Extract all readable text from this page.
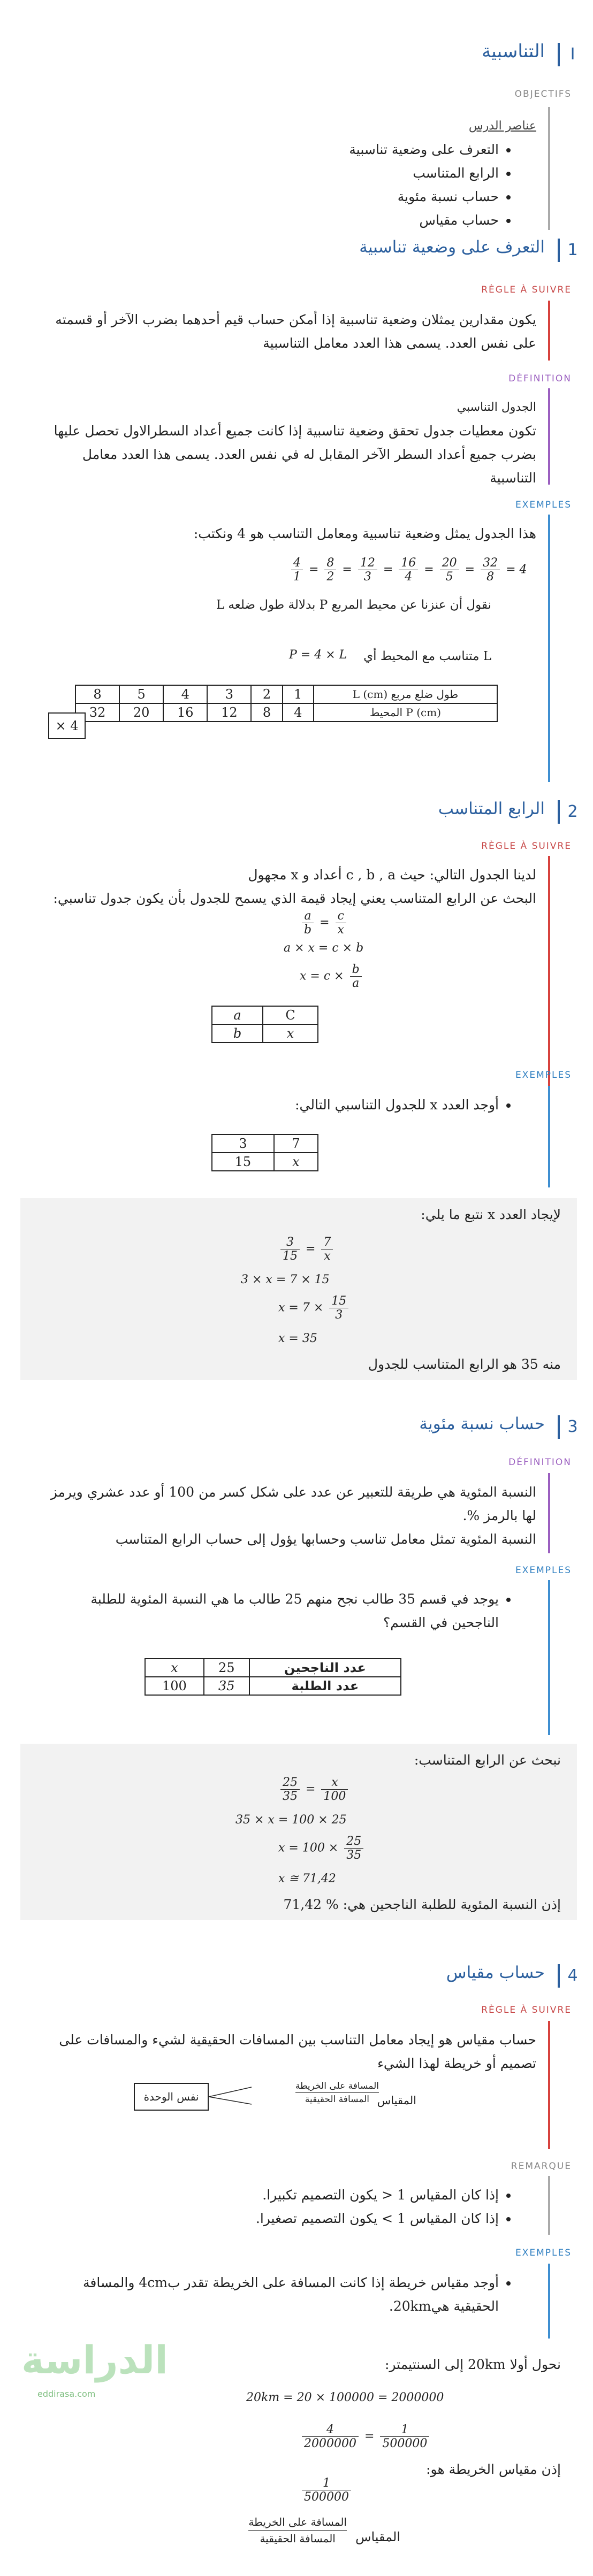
I
التناسبية
OBJECTIFS
عناصر الدرس
• التعرف على وضعية تناسبية
• الرابع المتناسب
• حساب نسبة مئوية
• حساب مقياس
1
التعرف على وضعية تناسبية
RÈGLE À SUIVRE
يكون مقدارين يمثلان وضعية تناسبية إذا أمكن حساب قيم أحدهما بضرب الآخر أو قسمته على نفس العدد. يسمى هذا العدد معامل التناسبية
DÉFINITION
الجدول التناسبي
تكون معطيات جدول تحقق وضعية تناسبية إذا كانت جميع أعداد السطرالاول تحصل عليها بضرب جميع أعداد السطر الآخر المقابل له في نفس العدد. يسمى هذا العدد معامل التناسبية
EXEMPLES
هذا الجدول يمثل وضعية تناسبية ومعامل التناسب هو 4 ونكتب:
$\frac{4}{1} = \frac{8}{2} = \frac{12}{3} = \frac{16}{4} = \frac{20}{5} = \frac{32}{8} = 4$
نقول أن عنزنا عن محيط المربع P بدلالة طول ضلعه L
L متناسب مع المحيط أي
P = 4 × L
8	5	4	3	2	1	طول ضلع مربع L (cm)
32	20	16	12	8	4	(cm) P المحيط
× 4
2
الرابع المتناسب
RÈGLE À SUIVRE
لدينا الجدول التالي: حيث c , b , a أعداد و x مجهول
البحث عن الرابع المتناسب يعني إيجاد قيمة الذي يسمح للجدول بأن يكون جدول تناسبي:
$\frac{a}{b} = \frac{c}{x}$
a × x = c × b
$x = c \times \frac{b}{a}$
a	C
b	x
EXEMPLES
• أوجد العدد x للجدول التناسبي التالي:
3	7
15	x
لإيجاد العدد x نتبع ما يلي:
$\frac{3}{15} = \frac{7}{x}$
3 × x = 7 × 15
$x = 7 \times \frac{15}{3}$
x = 35
منه 35 هو الرابع المتناسب للجدول
3
حساب نسبة مئوية
DÉFINITION
النسبة المئوية هي طريقة للتعبير عن عدد على شكل كسر من 100 أو عدد عشري ويرمز لها بالرمز %.
النسبة المئوية تمثل معامل تناسب وحسابها يؤول إلى حساب الرابع المتناسب
EXEMPLES
• يوجد في قسم 35 طالب نجح منهم 25 طالب ما هي النسبة المئوية للطلبة الناجحين في القسم؟
عدد الناجحين	25	x
عدد الطلبة	35	100
نبحث عن الرابع المتناسب:
$\frac{25}{35} = \frac{x}{100}$
35 × x = 100 × 25
$x = 100 \times \frac{25}{35}$
x ≅ 71,42
إذن النسبة المئوية للطلبة الناجحين هي: % 71,42
4
حساب مقياس
RÈGLE À SUIVRE
حساب مقياس هو إيجاد معامل التناسب بين المسافات الحقيقية لشيء والمسافات على تصميم أو خريطة لهذا الشيء
المقياس
المسافة على الخريطة
المسافة الحقيقية
نفس الوحدة
REMARQUE
• إذا كان المقياس 1 < يكون التصميم تكبيرا.
• إذا كان المقياس 1 > يكون التصميم تصغيرا.
EXEMPLES
• أوجد مقياس خريطة إذا كانت المسافة على الخريطة تقدر ب4cm والمسافة الحقيقية هي20km.
الدراسة
eddirasa.com
نحول أولا 20km إلى السنتيمتر:
20km = 20 × 100000 = 2000000
$\frac{4}{2000000} = \frac{1}{500000}$
إذن مقياس الخريطة هو:
$\frac{1}{500000}$
المقياس
المسافة على الخريطة
المسافة الحقيقية
